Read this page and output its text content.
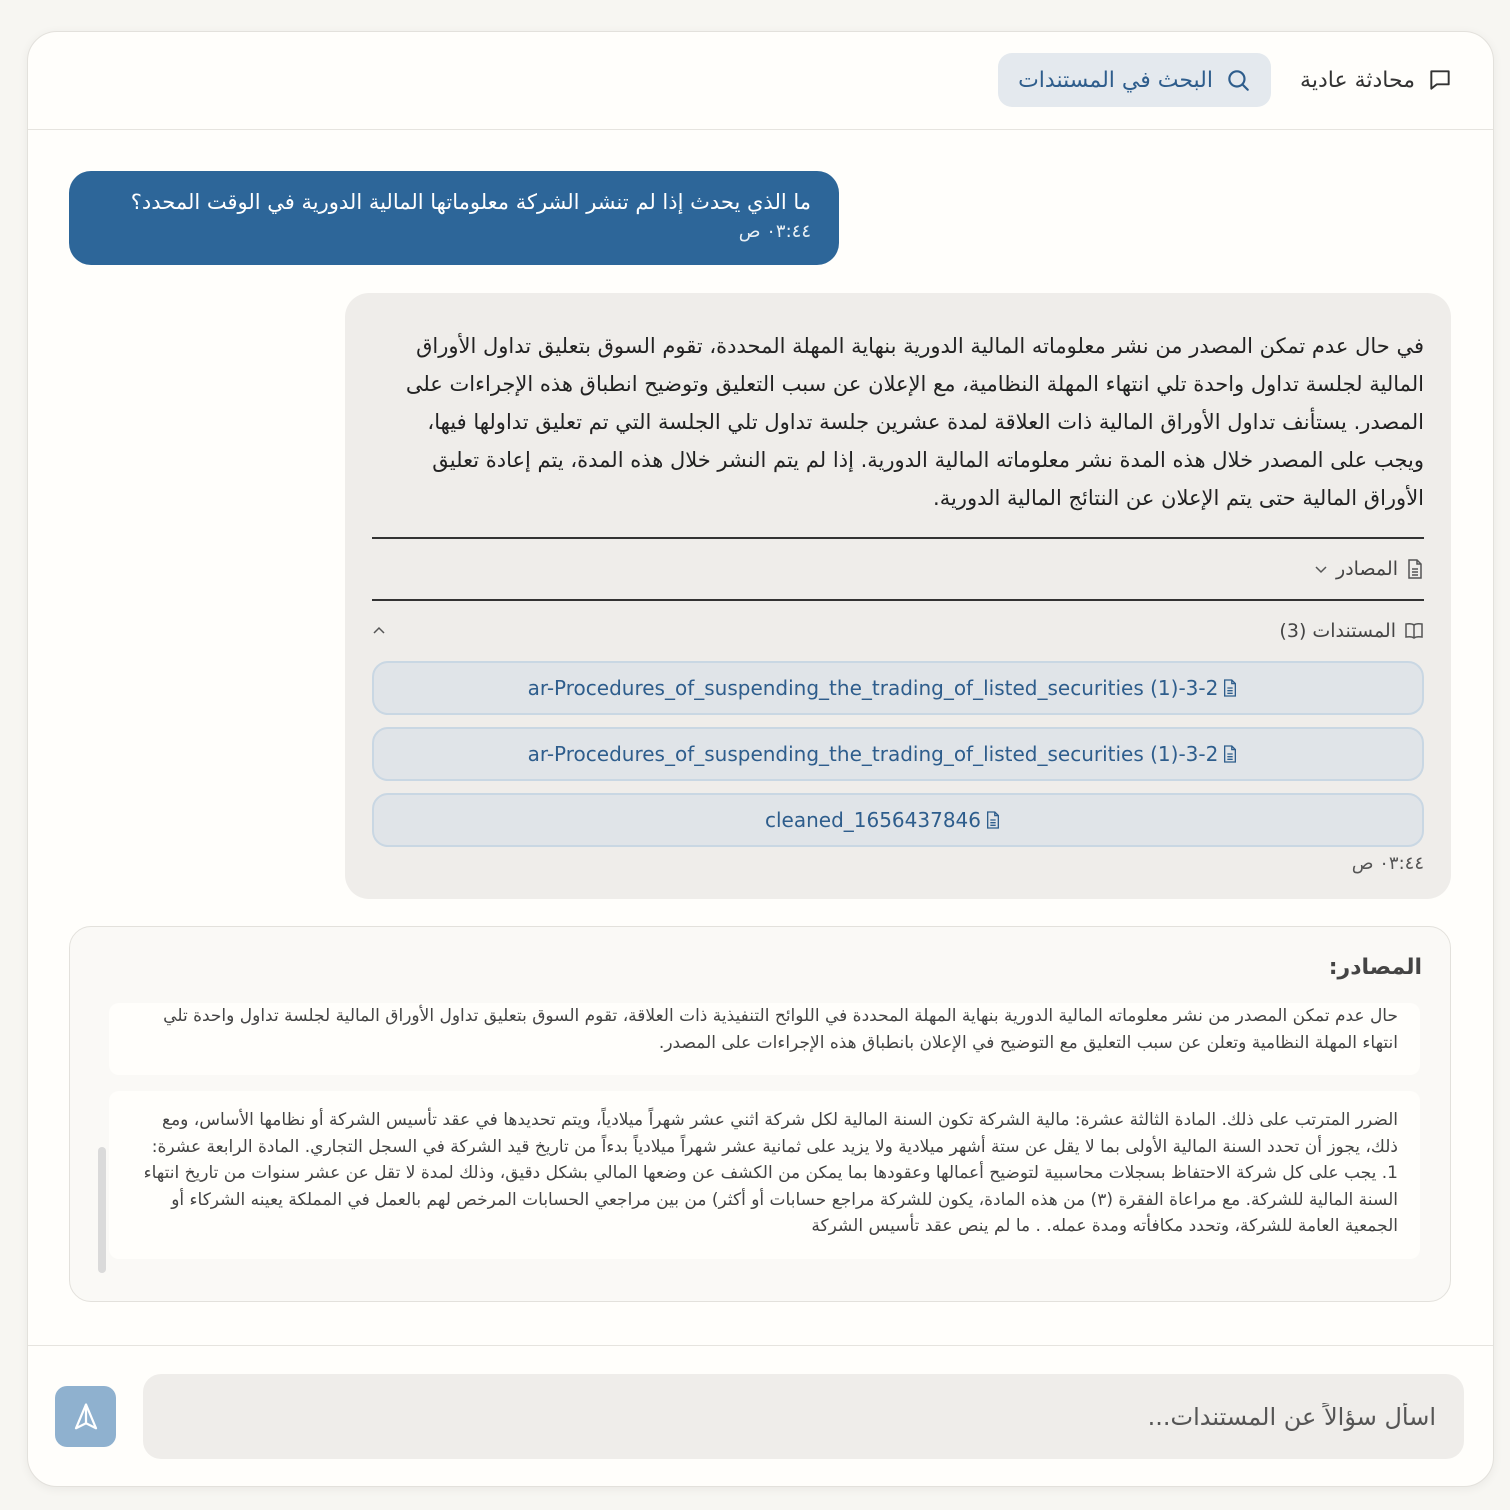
محادثة عادية
البحث في المستندات
ما الذي يحدث إذا لم تنشر الشركة معلوماتها المالية الدورية في الوقت المحدد؟
٠٣:٤٤ ص
في حال عدم تمكن المصدر من نشر معلوماته المالية الدورية بنهاية المهلة المحددة، تقوم السوق بتعليق تداول الأوراق المالية لجلسة تداول واحدة تلي انتهاء المهلة النظامية، مع الإعلان عن سبب التعليق وتوضيح انطباق هذه الإجراءات على المصدر. يستأنف تداول الأوراق المالية ذات العلاقة لمدة عشرين جلسة تداول تلي الجلسة التي تم تعليق تداولها فيها، ويجب على المصدر خلال هذه المدة نشر معلوماته المالية الدورية. إذا لم يتم النشر خلال هذه المدة، يتم إعادة تعليق الأوراق المالية حتى يتم الإعلان عن النتائج المالية الدورية.
المصادر
المستندات (3)
ar-Procedures_of_suspending_the_trading_of_listed_securities (1)-3-2
ar-Procedures_of_suspending_the_trading_of_listed_securities (1)-3-2
cleaned_1656437846
٠٣:٤٤ ص
المصادر:
حال عدم تمكن المصدر من نشر معلوماته المالية الدورية بنهاية المهلة المحددة في اللوائح التنفيذية ذات العلاقة، تقوم السوق بتعليق تداول الأوراق المالية لجلسة تداول واحدة تلي انتهاء المهلة النظامية وتعلن عن سبب التعليق مع التوضيح في الإعلان بانطباق هذه الإجراءات على المصدر.
الضرر المترتب على ذلك. المادة الثالثة عشرة: مالية الشركة تكون السنة المالية لكل شركة اثني عشر شهراً ميلادياً، ويتم تحديدها في عقد تأسيس الشركة أو نظامها الأساس، ومع ذلك، يجوز أن تحدد السنة المالية الأولى بما لا يقل عن ستة أشهر ميلادية ولا يزيد على ثمانية عشر شهراً ميلادياً بدءاً من تاريخ قيد الشركة في السجل التجاري. المادة الرابعة عشرة: 1. يجب على كل شركة الاحتفاظ بسجلات محاسبية لتوضيح أعمالها وعقودها بما يمكن من الكشف عن وضعها المالي بشكل دقيق، وذلك لمدة لا تقل عن عشر سنوات من تاريخ انتهاء السنة المالية للشركة. مع مراعاة الفقرة (٣) من هذه المادة، يكون للشركة مراجع حسابات أو أكثر) من بين مراجعي الحسابات المرخص لهم بالعمل في المملكة يعينه الشركاء أو الجمعية العامة للشركة، وتحدد مكافأته ومدة عمله. . ما لم ينص عقد تأسيس الشركة
اسأل سؤالاً عن المستندات...
